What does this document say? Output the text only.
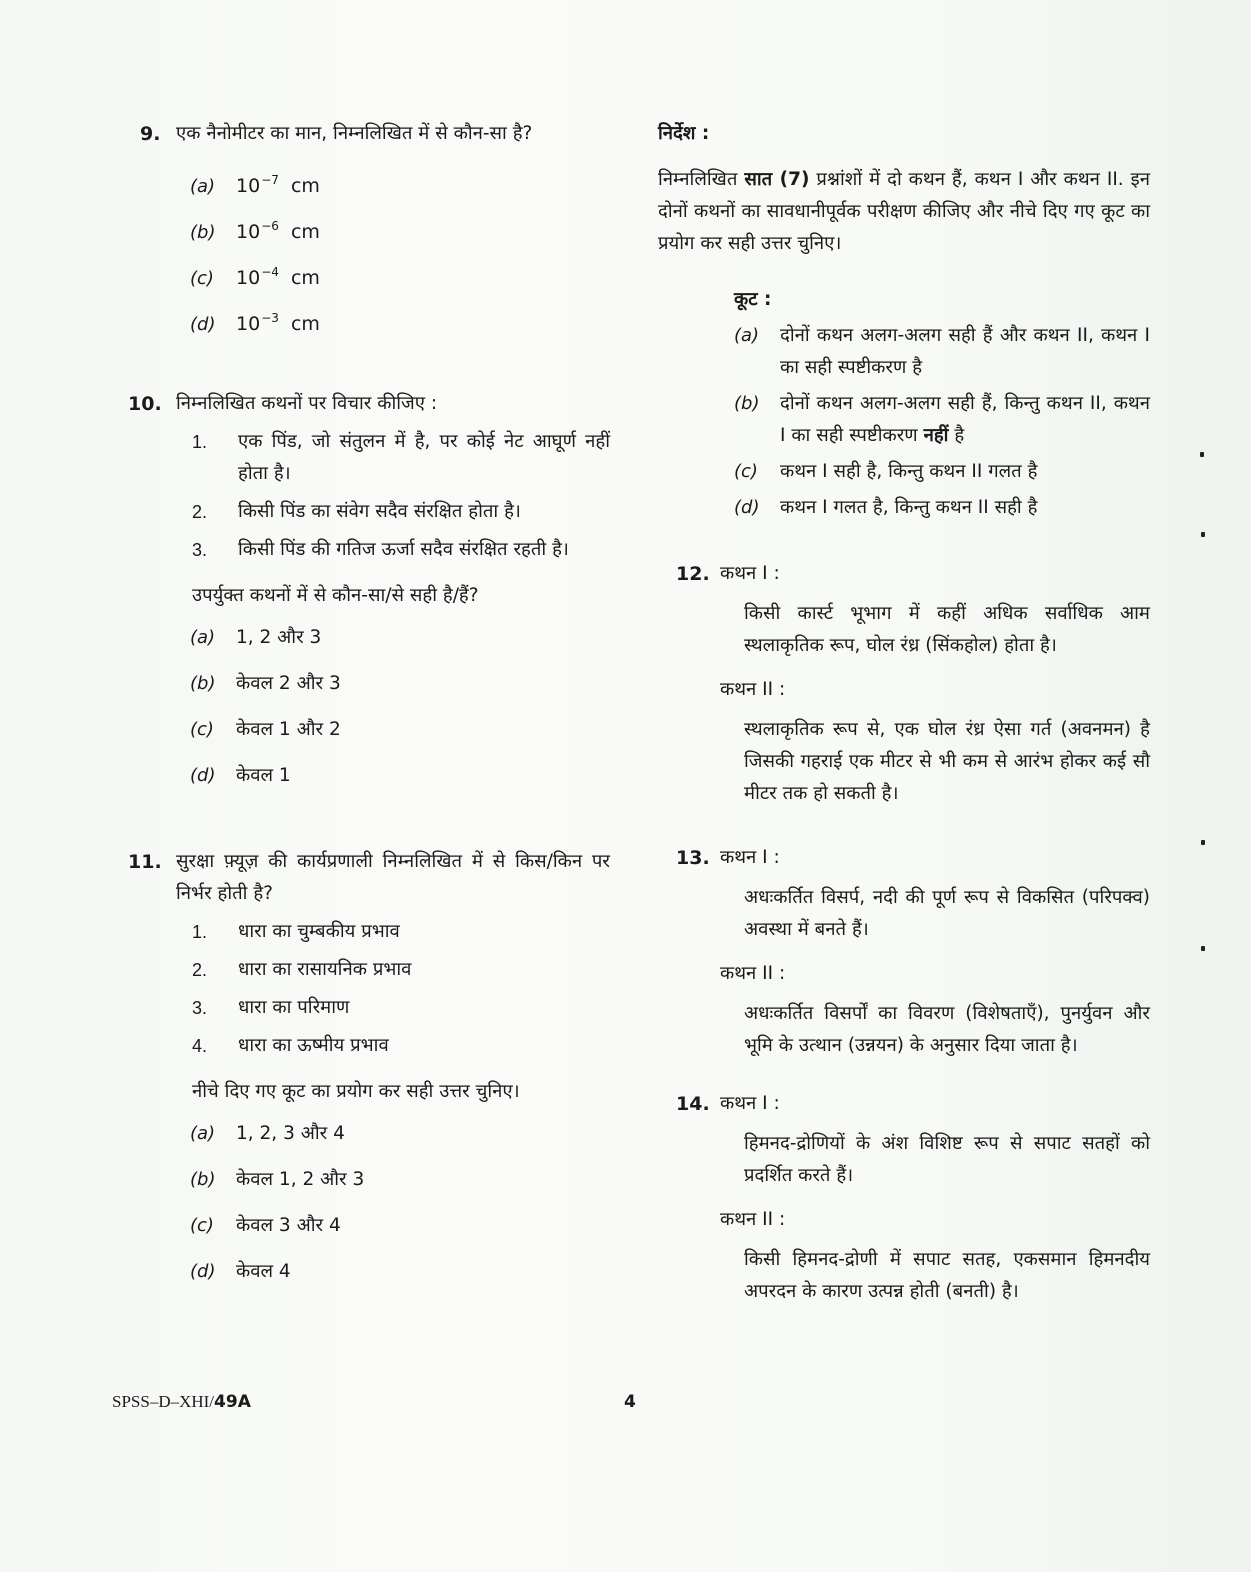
9. एक नैनोमीटर का मान, निम्नलिखित में से कौन-सा है?
(a)	$10^{-7}$ cm
(b)	$10^{-6}$ cm
(c)	$10^{-4}$ cm
(d)	$10^{-3}$ cm
10. निम्नलिखित कथनों पर विचार कीजिए :
1.	एक पिंड, जो संतुलन में है, पर कोई नेट आघूर्ण नहीं होता है।
2.	किसी पिंड का संवेग सदैव संरक्षित होता है।
3.	किसी पिंड की गतिज ऊर्जा सदैव संरक्षित रहती है।
उपर्युक्त कथनों में से कौन-सा/से सही है/हैं?
(a)	1, 2 और 3
(b)	केवल 2 और 3
(c)	केवल 1 और 2
(d)	केवल 1
11. सुरक्षा फ़्यूज़ की कार्यप्रणाली निम्नलिखित में से किस/किन पर निर्भर होती है?
1.	धारा का चुम्बकीय प्रभाव
2.	धारा का रासायनिक प्रभाव
3.	धारा का परिमाण
4.	धारा का ऊष्मीय प्रभाव
नीचे दिए गए कूट का प्रयोग कर सही उत्तर चुनिए।
(a)	1, 2, 3 और 4
(b)	केवल 1, 2 और 3
(c)	केवल 3 और 4
(d)	केवल 4
निर्देश :
निम्नलिखित सात (7) प्रश्नांशों में दो कथन हैं, कथन I और कथन II. इन दोनों कथनों का सावधानीपूर्वक परीक्षण कीजिए और नीचे दिए गए कूट का प्रयोग कर सही उत्तर चुनिए।
कूट :
(a)	दोनों कथन अलग-अलग सही हैं और कथन II, कथन I का सही स्पष्टीकरण है
(b)	दोनों कथन अलग-अलग सही हैं, किन्तु कथन II, कथन I का सही स्पष्टीकरण नहीं है
(c)	कथन I सही है, किन्तु कथन II गलत है
(d)	कथन I गलत है, किन्तु कथन II सही है
12. कथन I :
किसी कार्स्ट भूभाग में कहीं अधिक सर्वाधिक आम स्थलाकृतिक रूप, घोल रंध्र (सिंकहोल) होता है।
कथन II :
स्थलाकृतिक रूप से, एक घोल रंध्र ऐसा गर्त (अवनमन) है जिसकी गहराई एक मीटर से भी कम से आरंभ होकर कई सौ मीटर तक हो सकती है।
13. कथन I :
अधःकर्तित विसर्प, नदी की पूर्ण रूप से विकसित (परिपक्व) अवस्था में बनते हैं।
कथन II :
अधःकर्तित विसर्पों का विवरण (विशेषताएँ), पुनर्युवन और भूमि के उत्थान (उन्नयन) के अनुसार दिया जाता है।
14. कथन I :
हिमनद-द्रोणियों के अंश विशिष्ट रूप से सपाट सतहों को प्रदर्शित करते हैं।
कथन II :
किसी हिमनद-द्रोणी में सपाट सतह, एकसमान हिमनदीय अपरदन के कारण उत्पन्न होती (बनती) है।
SPSS–D–XHI/49A	4
